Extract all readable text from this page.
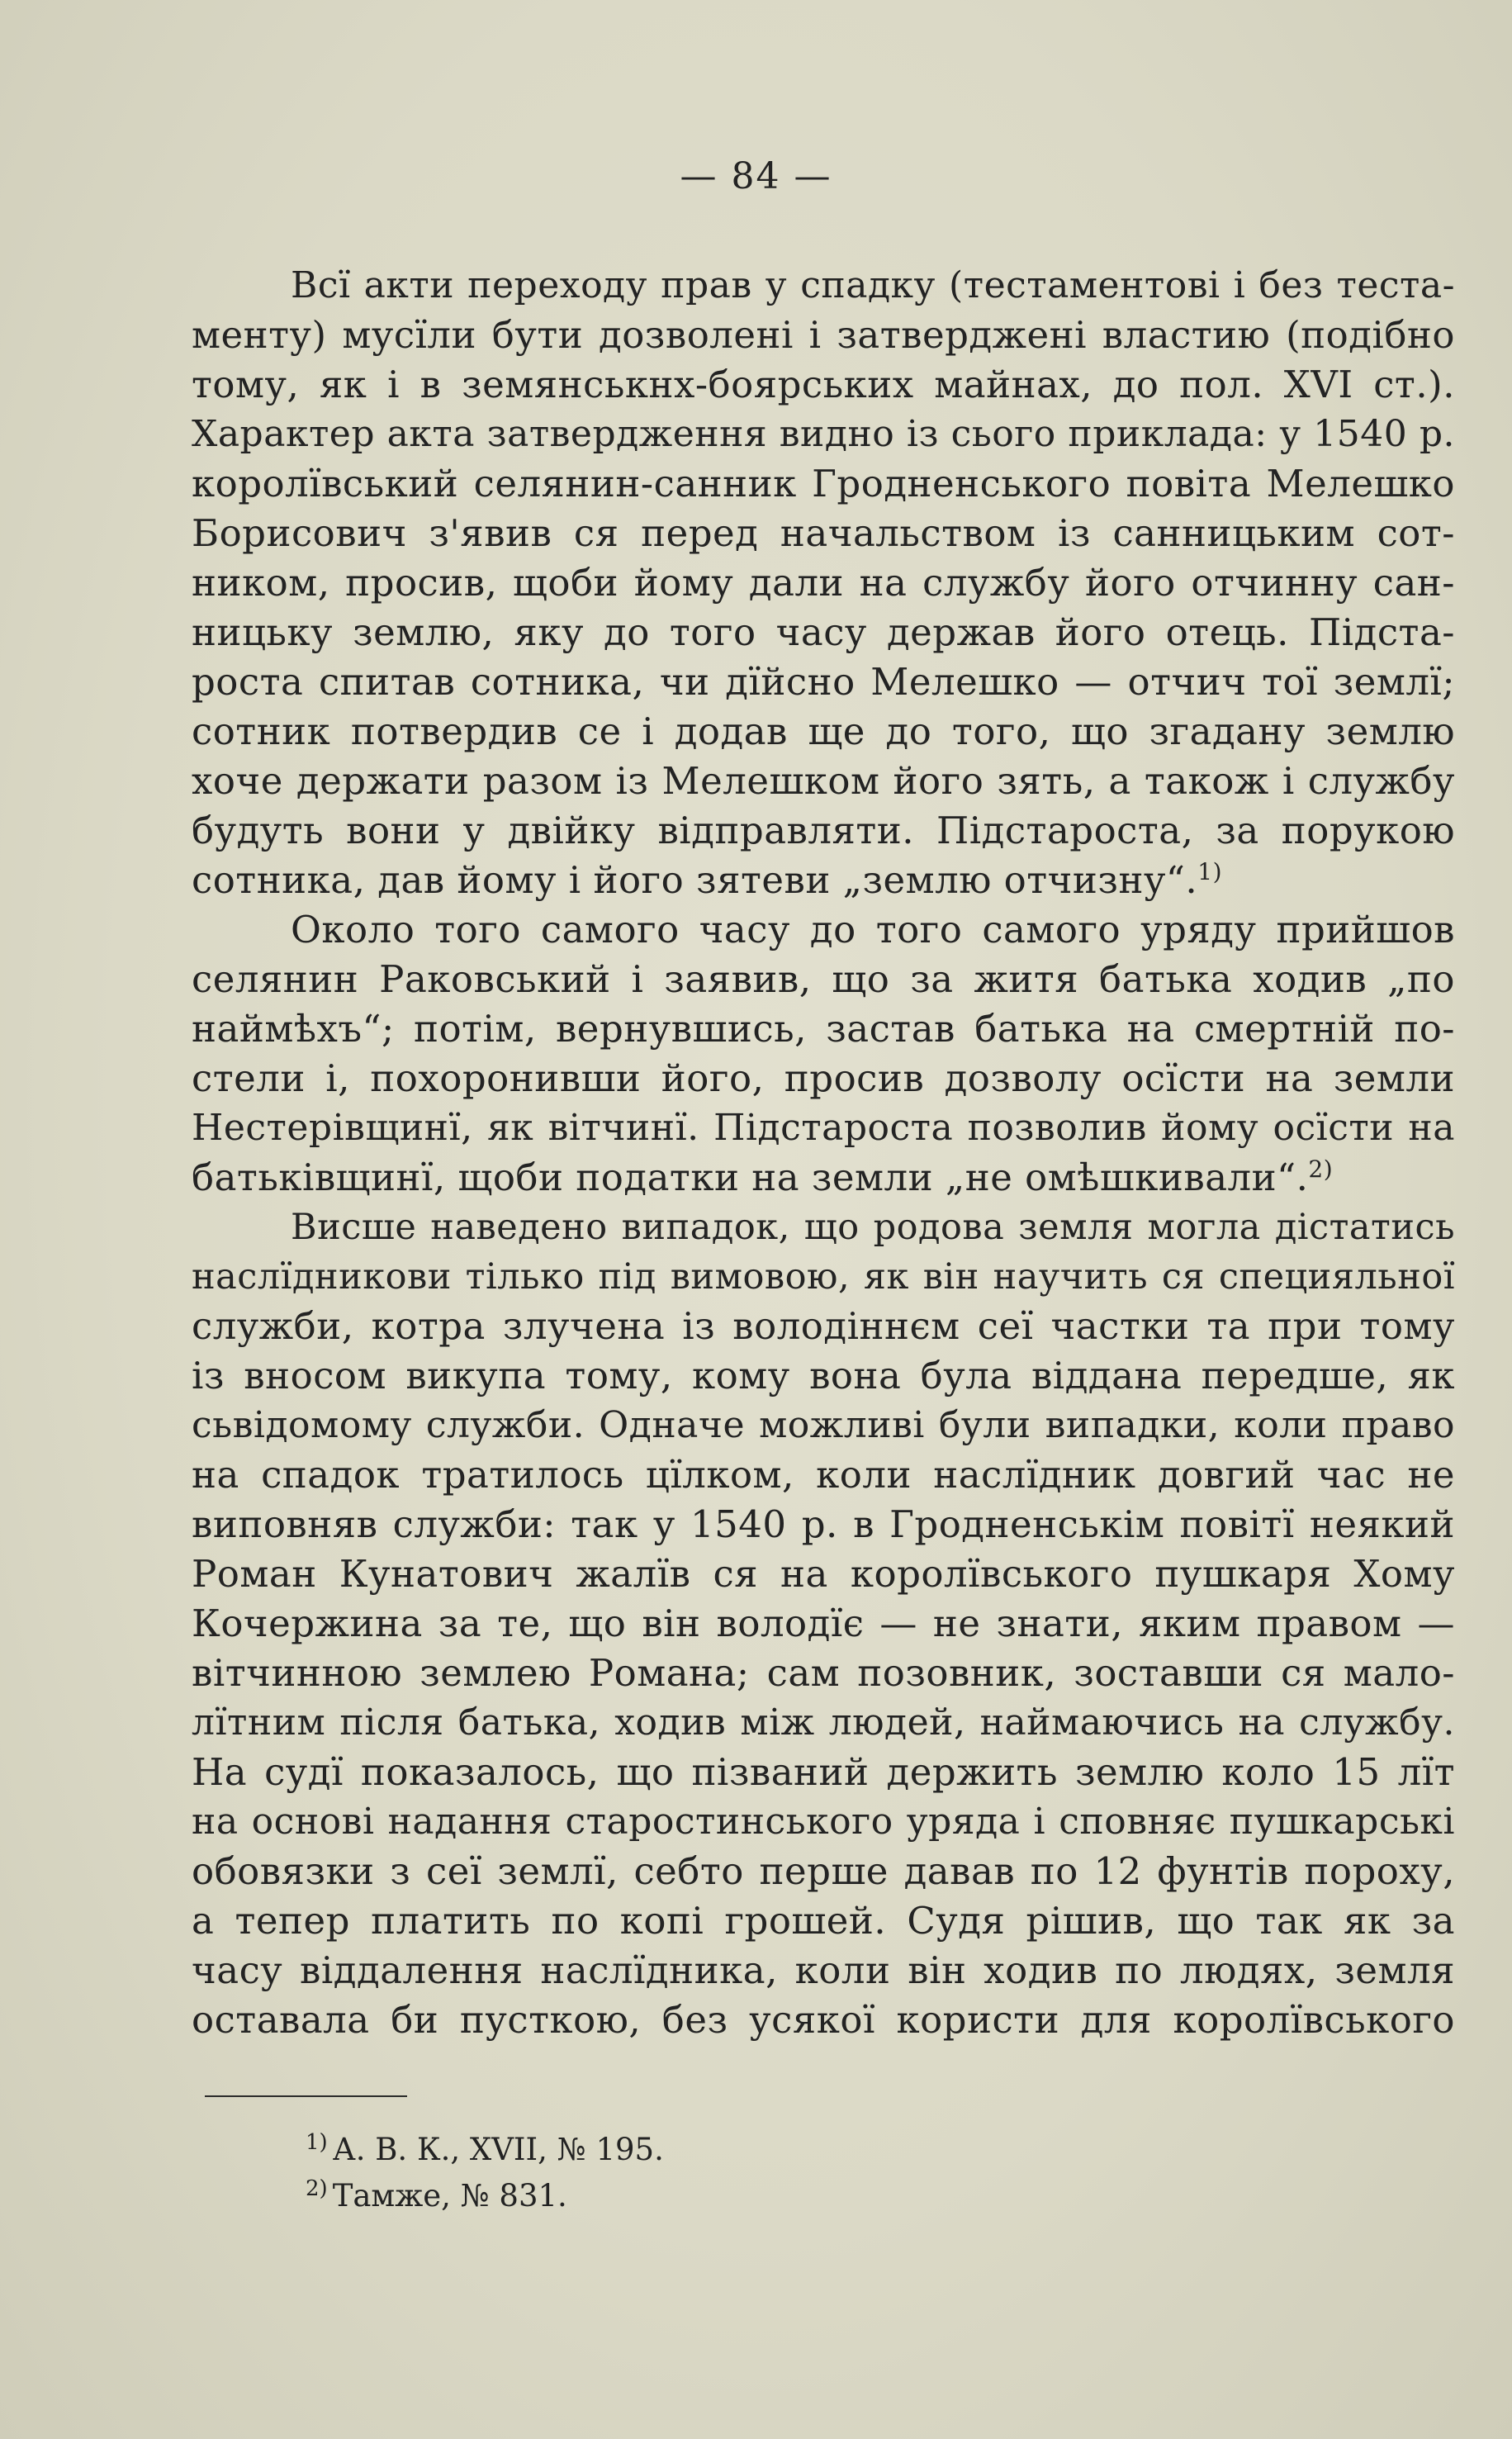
— 84 —
Всї акти переходу прав у спадку (тестаментові і без теста-
менту) мусїли бути дозволені і затверджені властию (подібно
тому, як і в земянськнх-боярських майнах, до пол. XVI ст.).
Характер акта затвердження видно із сього приклада: у 1540 р.
королївський селянин-санник Гродненського повіта Мелешко
Борисович з'явив ся перед начальством із санницьким сот-
ником, просив, щоби йому дали на службу його отчинну сан-
ницьку землю, яку до того часу держав його отець. Підста-
роста спитав сотника, чи дїйсно Мелешко — отчич тої землї;
сотник потвердив се і додав ще до того, що згадану землю
хоче держати разом із Мелешком його зять, а також і службу
будуть вони у двійку відправляти. Підстароста, за порукою
сотника, дав йому і його зятеви „землю отчизну“.$^{1)}$
Около того самого часу до того самого уряду прийшов
селянин Раковський і заявив, що за житя батька ходив „по
наймѣхъ“; потім, вернувшись, застав батька на смертній по-
стели і, похоронивши його, просив дозволу осїсти на земли
Нестерівщинї, як вітчинї. Підстароста позволив йому осїсти на
батьківщинї, щоби податки на земли „не омѣшкивали“.$^{2)}$
Висше наведено випадок, що родова земля могла дістатись
наслїдникови тілько під вимовою, як він научить ся специяльної
служби, котра злучена із володіннєм сеї частки та при тому
із вносом викупа тому, кому вона була віддана передше, як
сьвідомому служби. Одначе можливі були випадки, коли право
на спадок тратилось цїлком, коли наслїдник довгий час не
виповняв служби: так у 1540 р. в Гродненськім повітї неякий
Роман Кунатович жалїв ся на королївського пушкаря Хому
Кочержина за те, що він володїє — не знати, яким правом —
вітчинною землею Романа; сам позовник, зоставши ся мало-
лїтним після батька, ходив між людей, наймаючись на службу.
На судї показалось, що пізваний держить землю коло 15 лїт
на основі надання старостинського уряда і сповняє пушкарські
обовязки з сеї землї, себто перше давав по 12 фунтів пороху,
а тепер платить по копі грошей. Судя рішив, що так як за
часу віддалення наслїдника, коли він ходив по людях, земля
оставала би пусткою, без усякої користи для королївського
$^{1)}$ А. В. К., XVII, № 195.
$^{2)}$ Тамже, № 831.
